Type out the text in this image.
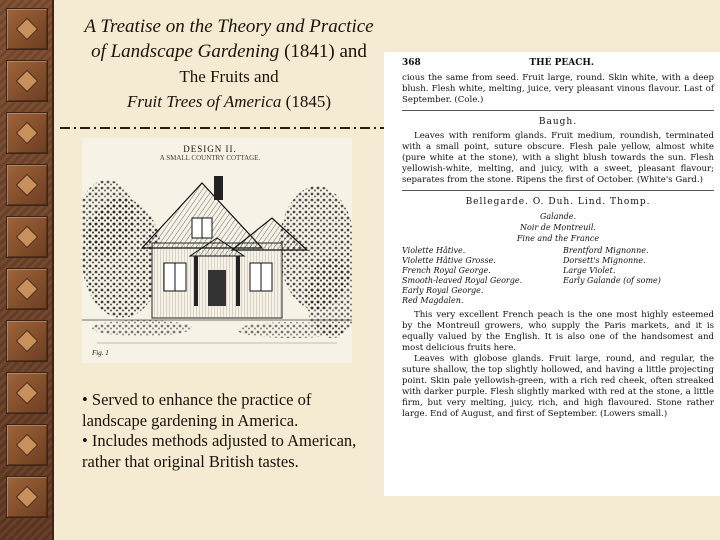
A Treatise on the Theory and Practice
of Landscape Gardening (1841) and

The Fruits and
Fruit Trees of America (1845)
DESIGN II.
A SMALL COUNTRY COTTAGE.
Fig. 1

• Served to enhance the practice of landscape gardening in America.

• Includes methods adjusted to American, rather that original British tastes.

368	THE PEACH.

cious the same from seed. Fruit large, round. Skin white, with a deep blush. Flesh white, melting, juice, very pleasant vinous flavour. Last of September. (Cole.)

Baugh.

Leaves with reniform glands. Fruit medium, roundish, terminated with a small point, suture obscure. Flesh pale yellow, almost white (pure white at the stone), with a slight blush towards the sun. Flesh yellowish-white, melting, and juicy, with a sweet, pleasant flavour; separates from the stone. Ripens the first of October. (White's Gard.)

Bellegarde. O. Duh. Lind. Thomp.
Galande.
Noir de Montreuil.
Fine and the France
Violette Hâtive.
Violette Hâtive Grosse.
French Royal George.
Smooth-leaved Royal George.
Early Royal George.
Red Magdalen.
Brentford Mignonne.
Dorsett's Mignonne.
Large Violet.
Early Galande (of some)

This very excellent French peach is the one most highly esteemed by the Montreuil growers, who supply the Paris markets, and it is equally valued by the English. It is also one of the handsomest and most delicious fruits here.

Leaves with globose glands. Fruit large, round, and regular, the suture shallow, the top slightly hollowed, and having a little projecting point. Skin pale yellowish-green, with a rich red cheek, often streaked with darker purple. Flesh slightly marked with red at the stone, a little firm, but very melting, juicy, rich, and high flavoured. Stone rather large. End of August, and first of September. (Lowers small.)
